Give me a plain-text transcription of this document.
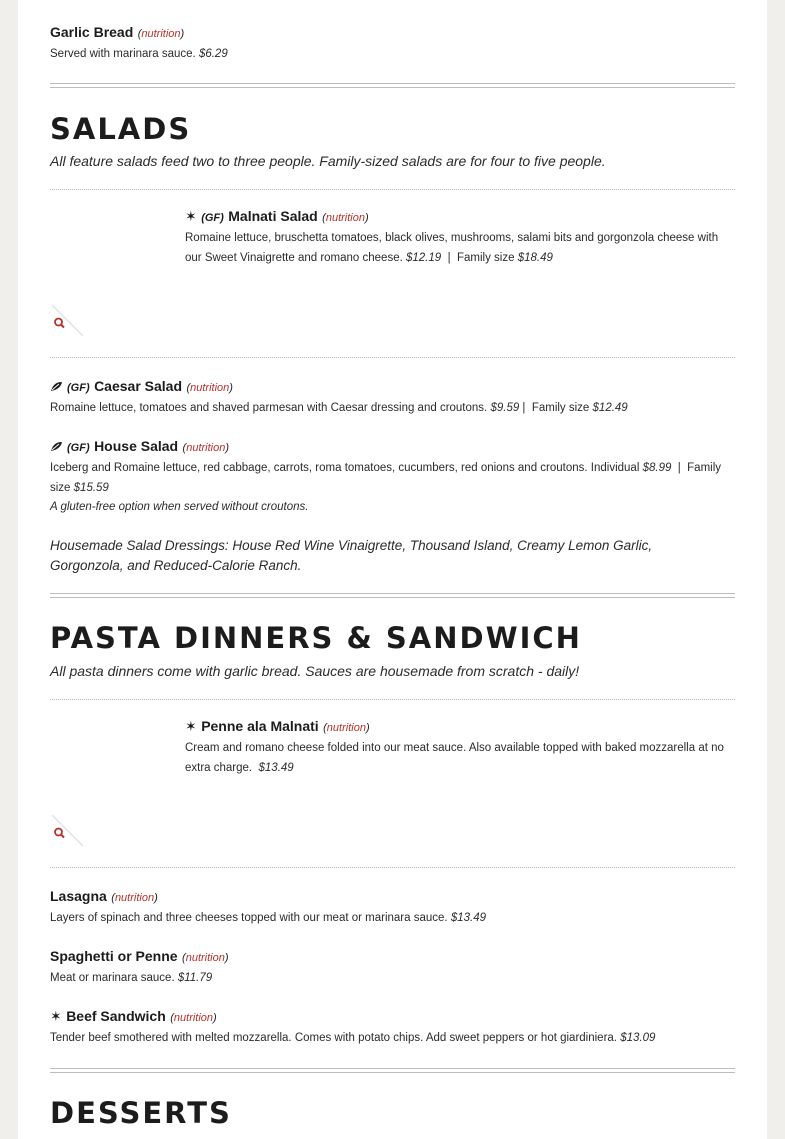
Garlic Bread (nutrition)
Served with marinara sauce. $6.29
SALADS
All feature salads feed two to three people. Family-sized salads are for four to five people.
✶ (GF) Malnati Salad (nutrition)
Romaine lettuce, bruschetta tomatoes, black olives, mushrooms, salami bits and gorgonzola cheese with our Sweet Vinaigrette and romano cheese. $12.19  |  Family size $18.49
(GF) Caesar Salad (nutrition)
Romaine lettuce, tomatoes and shaved parmesan with Caesar dressing and croutons. $9.59 |  Family size $12.49
(GF) House Salad (nutrition)
Iceberg and Romaine lettuce, red cabbage, carrots, roma tomatoes, cucumbers, red onions and croutons. Individual $8.99  |  Family size $15.59
A gluten-free option when served without croutons.
Housemade Salad Dressings: House Red Wine Vinaigrette, Thousand Island, Creamy Lemon Garlic, Gorgonzola, and Reduced-Calorie Ranch.
PASTA DINNERS & SANDWICH
All pasta dinners come with garlic bread. Sauces are housemade from scratch - daily!
✶ Penne ala Malnati (nutrition)
Cream and romano cheese folded into our meat sauce. Also available topped with baked mozzarella at no extra charge. $13.49
Lasagna (nutrition)
Layers of spinach and three cheeses topped with our meat or marinara sauce. $13.49
Spaghetti or Penne (nutrition)
Meat or marinara sauce. $11.79
✶ Beef Sandwich (nutrition)
Tender beef smothered with melted mozzarella. Comes with potato chips. Add sweet peppers or hot giardiniera. $13.09
DESSERTS
